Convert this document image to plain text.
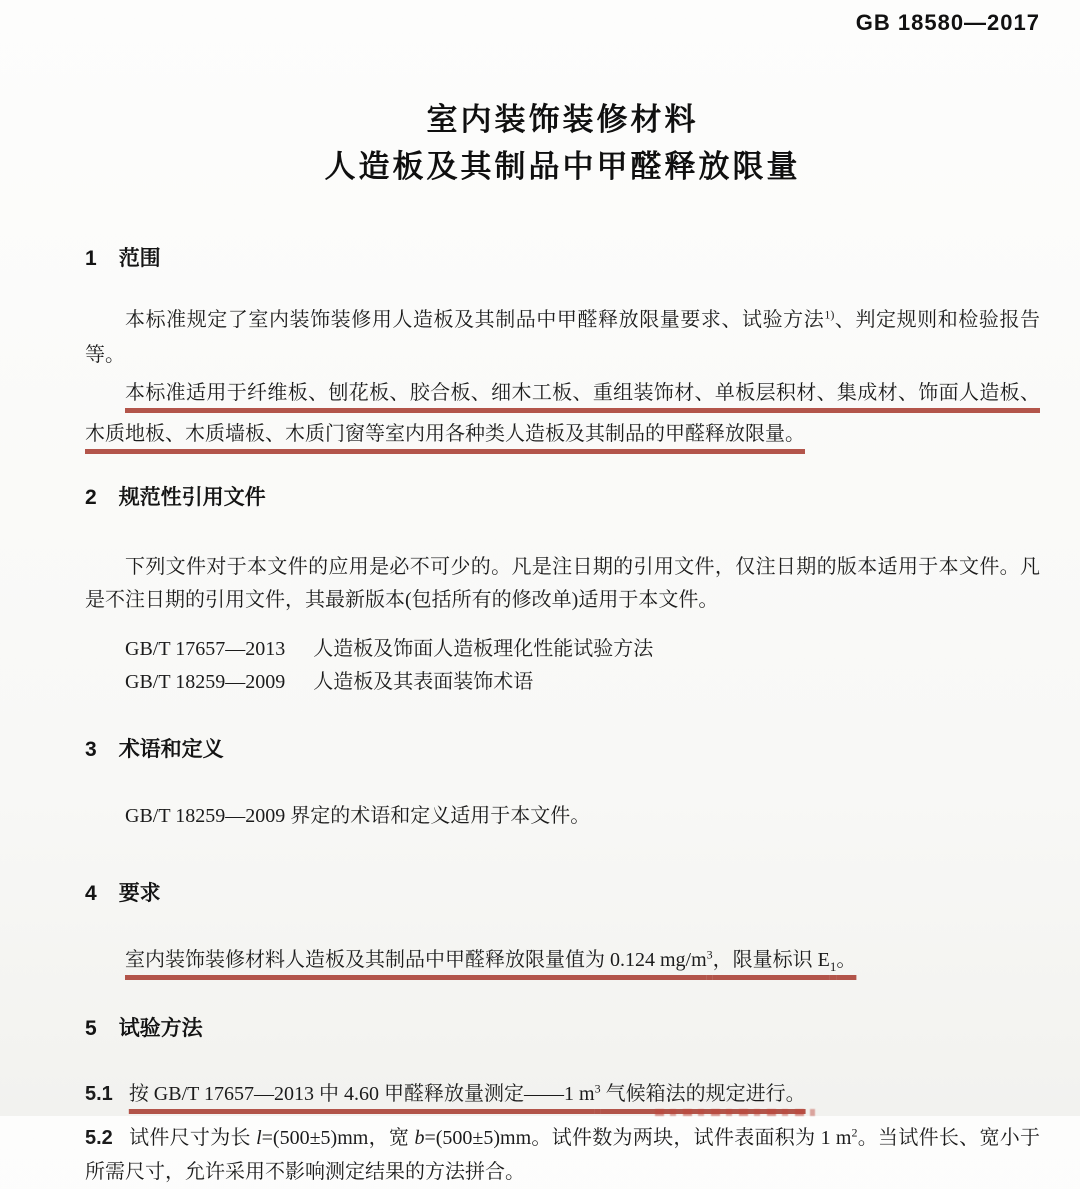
GB 18580—2017
室内装饰装修材料
人造板及其制品中甲醛释放限量
1 范围

本标准规定了室内装饰装修用人造板及其制品中甲醛释放限量要求、试验方法$^{1)}$、判定规则和检验报告等。

本标准适用于纤维板、刨花板、胶合板、细木工板、重组装饰材、单板层积材、集成材、饰面人造板、木质地板、木质墙板、木质门窗等室内用各种类人造板及其制品的甲醛释放限量。

2 规范性引用文件

下列文件对于本文件的应用是必不可少的。凡是注日期的引用文件，仅注日期的版本适用于本文件。凡是不注日期的引用文件，其最新版本(包括所有的修改单)适用于本文件。

GB/T 17657—2013 人造板及饰面人造板理化性能试验方法
GB/T 18259—2009 人造板及其表面装饰术语
3 术语和定义

GB/T 18259—2009 界定的术语和定义适用于本文件。

4 要求

室内装饰装修材料人造板及其制品中甲醛释放限量值为 0.124 $mg/m^3$，限量标识 $E_1$。

5 试验方法

5.1 按 GB/T 17657—2013 中 4.60 甲醛释放量测定——1 $m^3$ 气候箱法的规定进行。

5.2 试件尺寸为长 l=(500±5)mm，宽 b=(500±5)mm。试件数为两块，试件表面积为 1 $m^2$。当试件长、宽小于所需尺寸，允许采用不影响测定结果的方法拼合。
